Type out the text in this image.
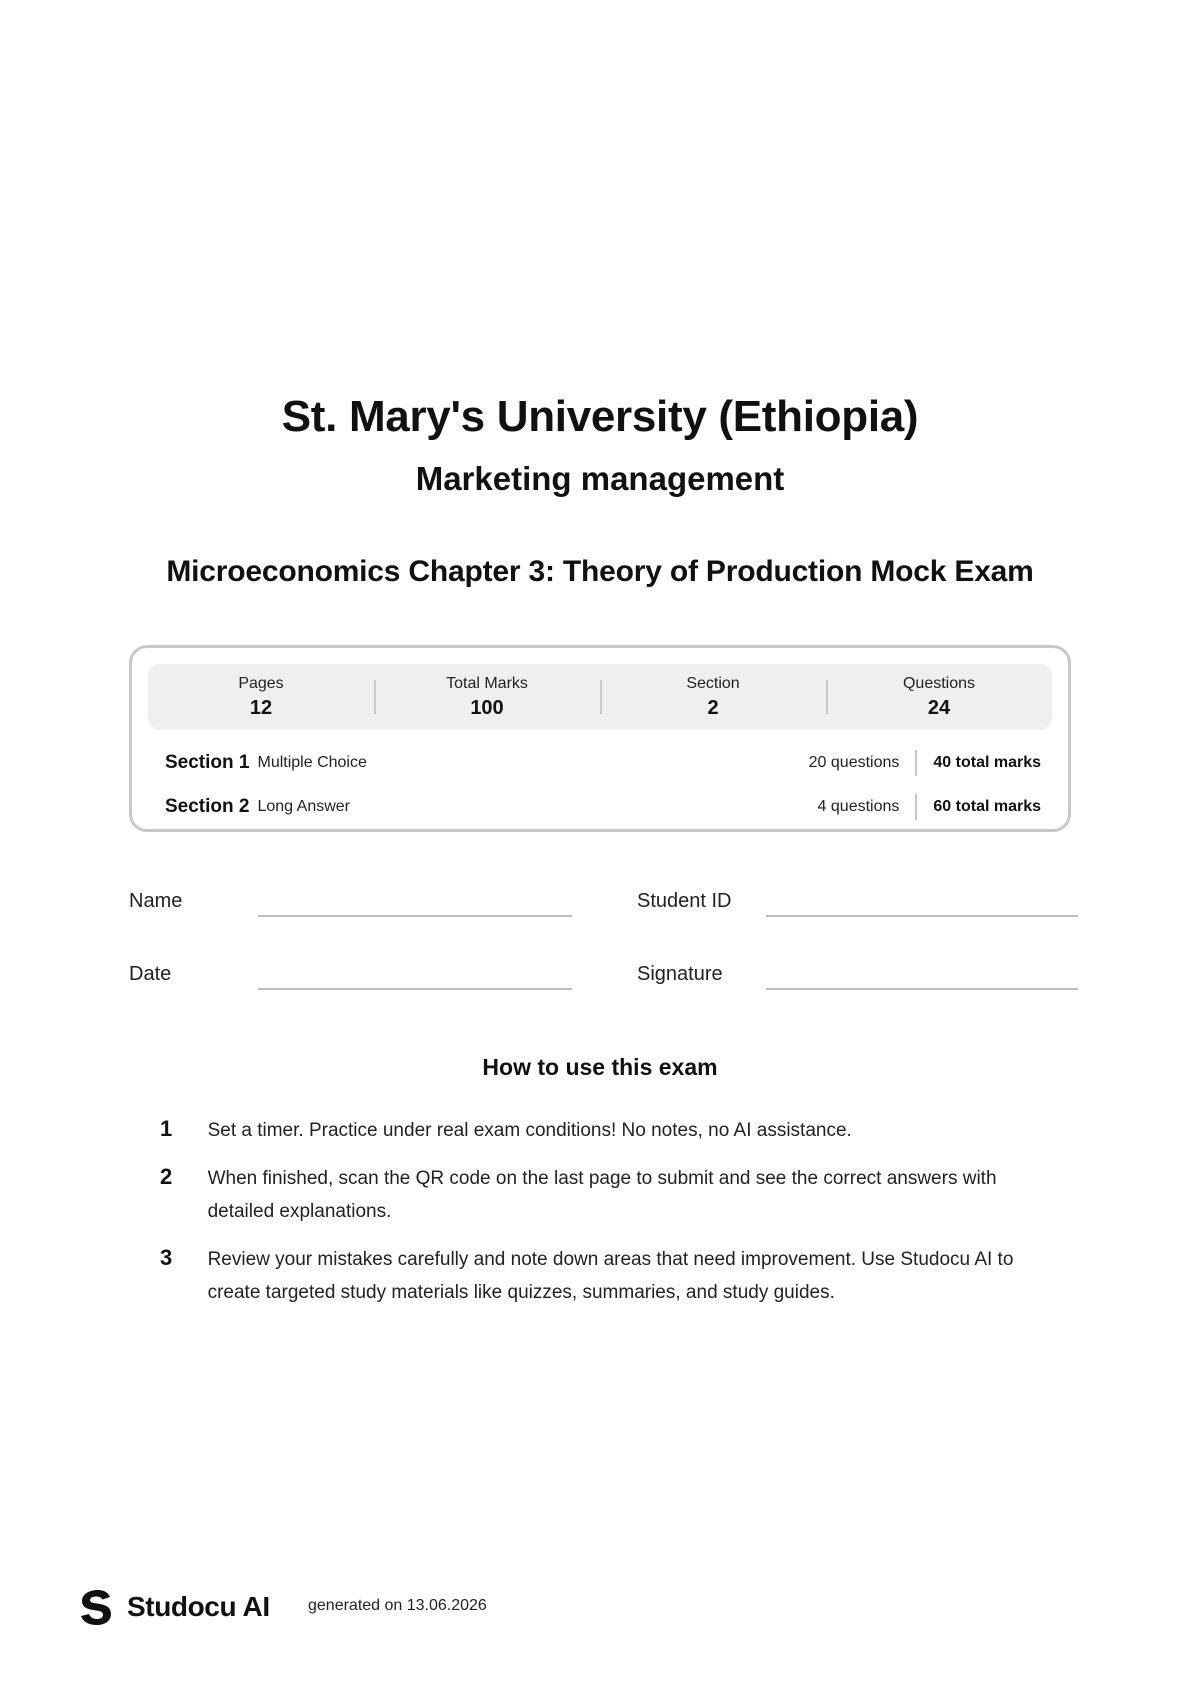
St. Mary's University (Ethiopia)
Marketing management
Microeconomics Chapter 3: Theory of Production Mock Exam
Pages
12
Total Marks
100
Section
2
Questions
24
Section 1 Multiple Choice	20 questions	40 total marks
Section 2 Long Answer	4 questions	60 total marks
Name	Student ID
Date	Signature
How to use this exam
1	Set a timer. Practice under real exam conditions! No notes, no AI assistance.
2	When finished, scan the QR code on the last page to submit and see the correct answers with detailed explanations.
3	Review your mistakes carefully and note down areas that need improvement. Use Studocu AI to create targeted study materials like quizzes, summaries, and study guides.
Studocu AI generated on 13.06.2026
